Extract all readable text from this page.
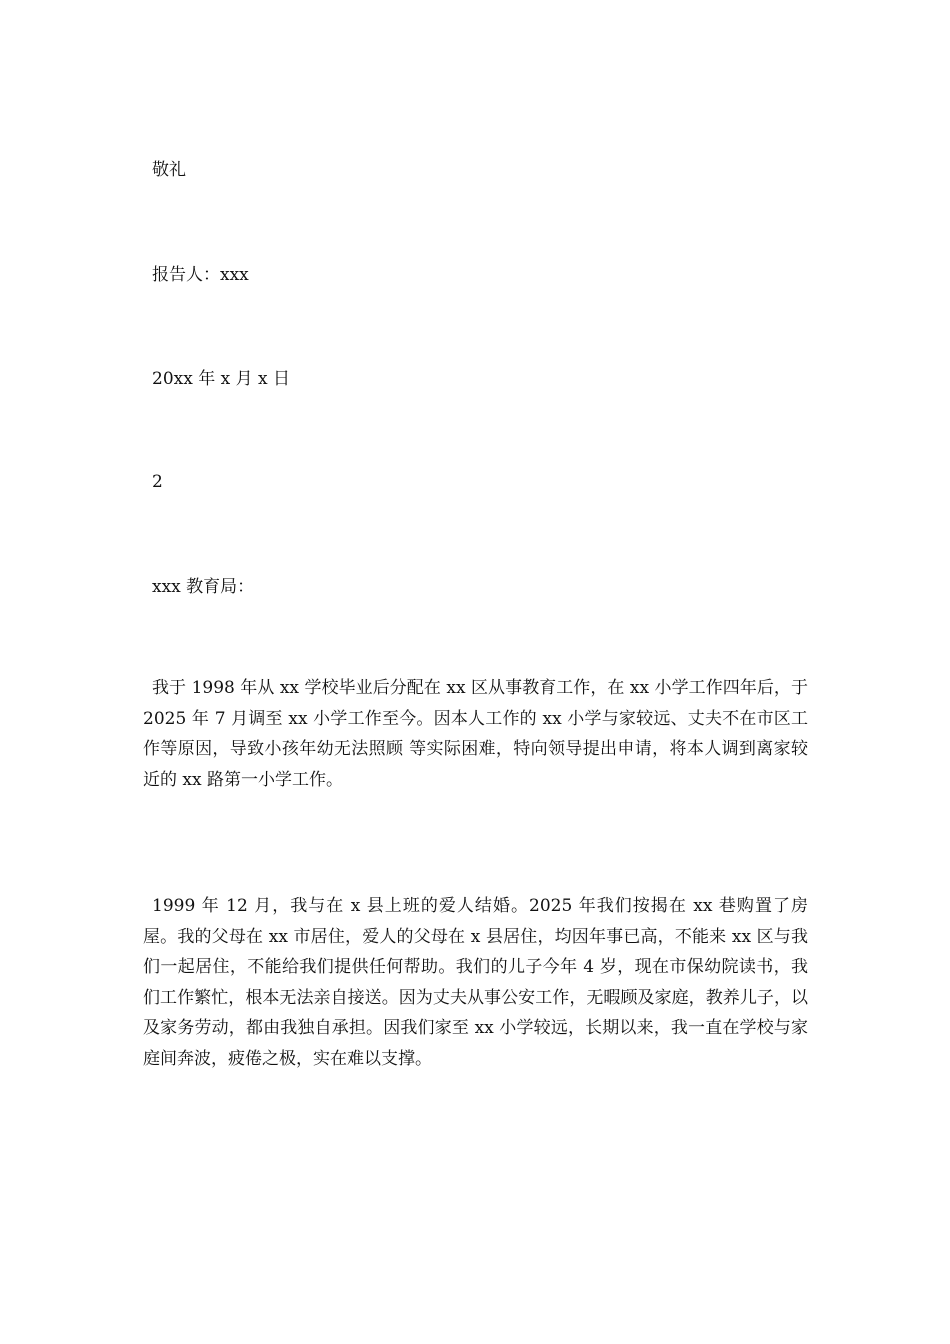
敬礼
报告人：xxx
20xx 年 x 月 x 日
2
xxx 教育局：
我于 1998 年从 xx 学校毕业后分配在 xx 区从事教育工作，在 xx 小学工作四年后，于 2025 年 7 月调至 xx 小学工作至今。因本人工作的 xx 小学与家较远、丈夫不在市区工作等原因，导致小孩年幼无法照顾 等实际困难，特向领导提出申请，将本人调到离家较近的 xx 路第一小学工作。
1999 年 12 月，我与在 x 县上班的爱人结婚。2025 年我们按揭在 xx 巷购置了房屋。我的父母在 xx 市居住，爱人的父母在 x 县居住，均因年事已高，不能来 xx 区与我们一起居住，不能给我们提供任何帮助。我们的儿子今年 4 岁，现在市保幼院读书，我们工作繁忙，根本无法亲自接送。因为丈夫从事公安工作，无暇顾及家庭，教养儿子，以及家务劳动，都由我独自承担。因我们家至 xx 小学较远，长期以来，我一直在学校与家庭间奔波，疲倦之极，实在难以支撑。
